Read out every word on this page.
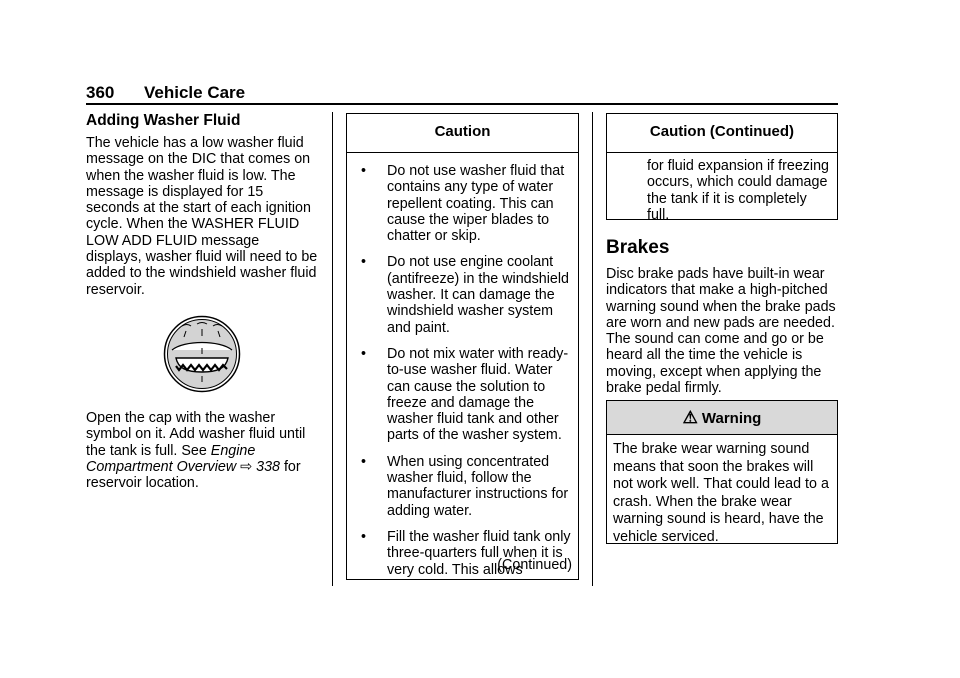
360 Vehicle Care
Adding Washer Fluid

The vehicle has a low washer fluid message on the DIC that comes on when the washer fluid is low. The message is displayed for 15 seconds at the start of each ignition cycle. When the WASHER FLUID LOW ADD FLUID message displays, washer fluid will need to be added to the windshield washer fluid reservoir.

Open the cap with the washer symbol on it. Add washer fluid until the tank is full. See Engine Compartment Overview ⇨ 338 for reservoir location.

Caution
• Do not use washer fluid that contains any type of water repellent coating. This can cause the wiper blades to chatter or skip.
• Do not use engine coolant (antifreeze) in the windshield washer. It can damage the windshield washer system and paint.
• Do not mix water with ready-to-use washer fluid. Water can cause the solution to freeze and damage the washer fluid tank and other parts of the washer system.
• When using concentrated washer fluid, follow the manufacturer instructions for adding water.
• Fill the washer fluid tank only three-quarters full when it is very cold. This allows
(Continued)
Caution (Continued)
for fluid expansion if freezing occurs, which could damage the tank if it is completely full.
Brakes

Disc brake pads have built-in wear indicators that make a high-pitched warning sound when the brake pads are worn and new pads are needed. The sound can come and go or be heard all the time the vehicle is moving, except when applying the brake pedal firmly.

⚠ Warning
The brake wear warning sound means that soon the brakes will not work well. That could lead to a crash. When the brake wear warning sound is heard, have the vehicle serviced.
